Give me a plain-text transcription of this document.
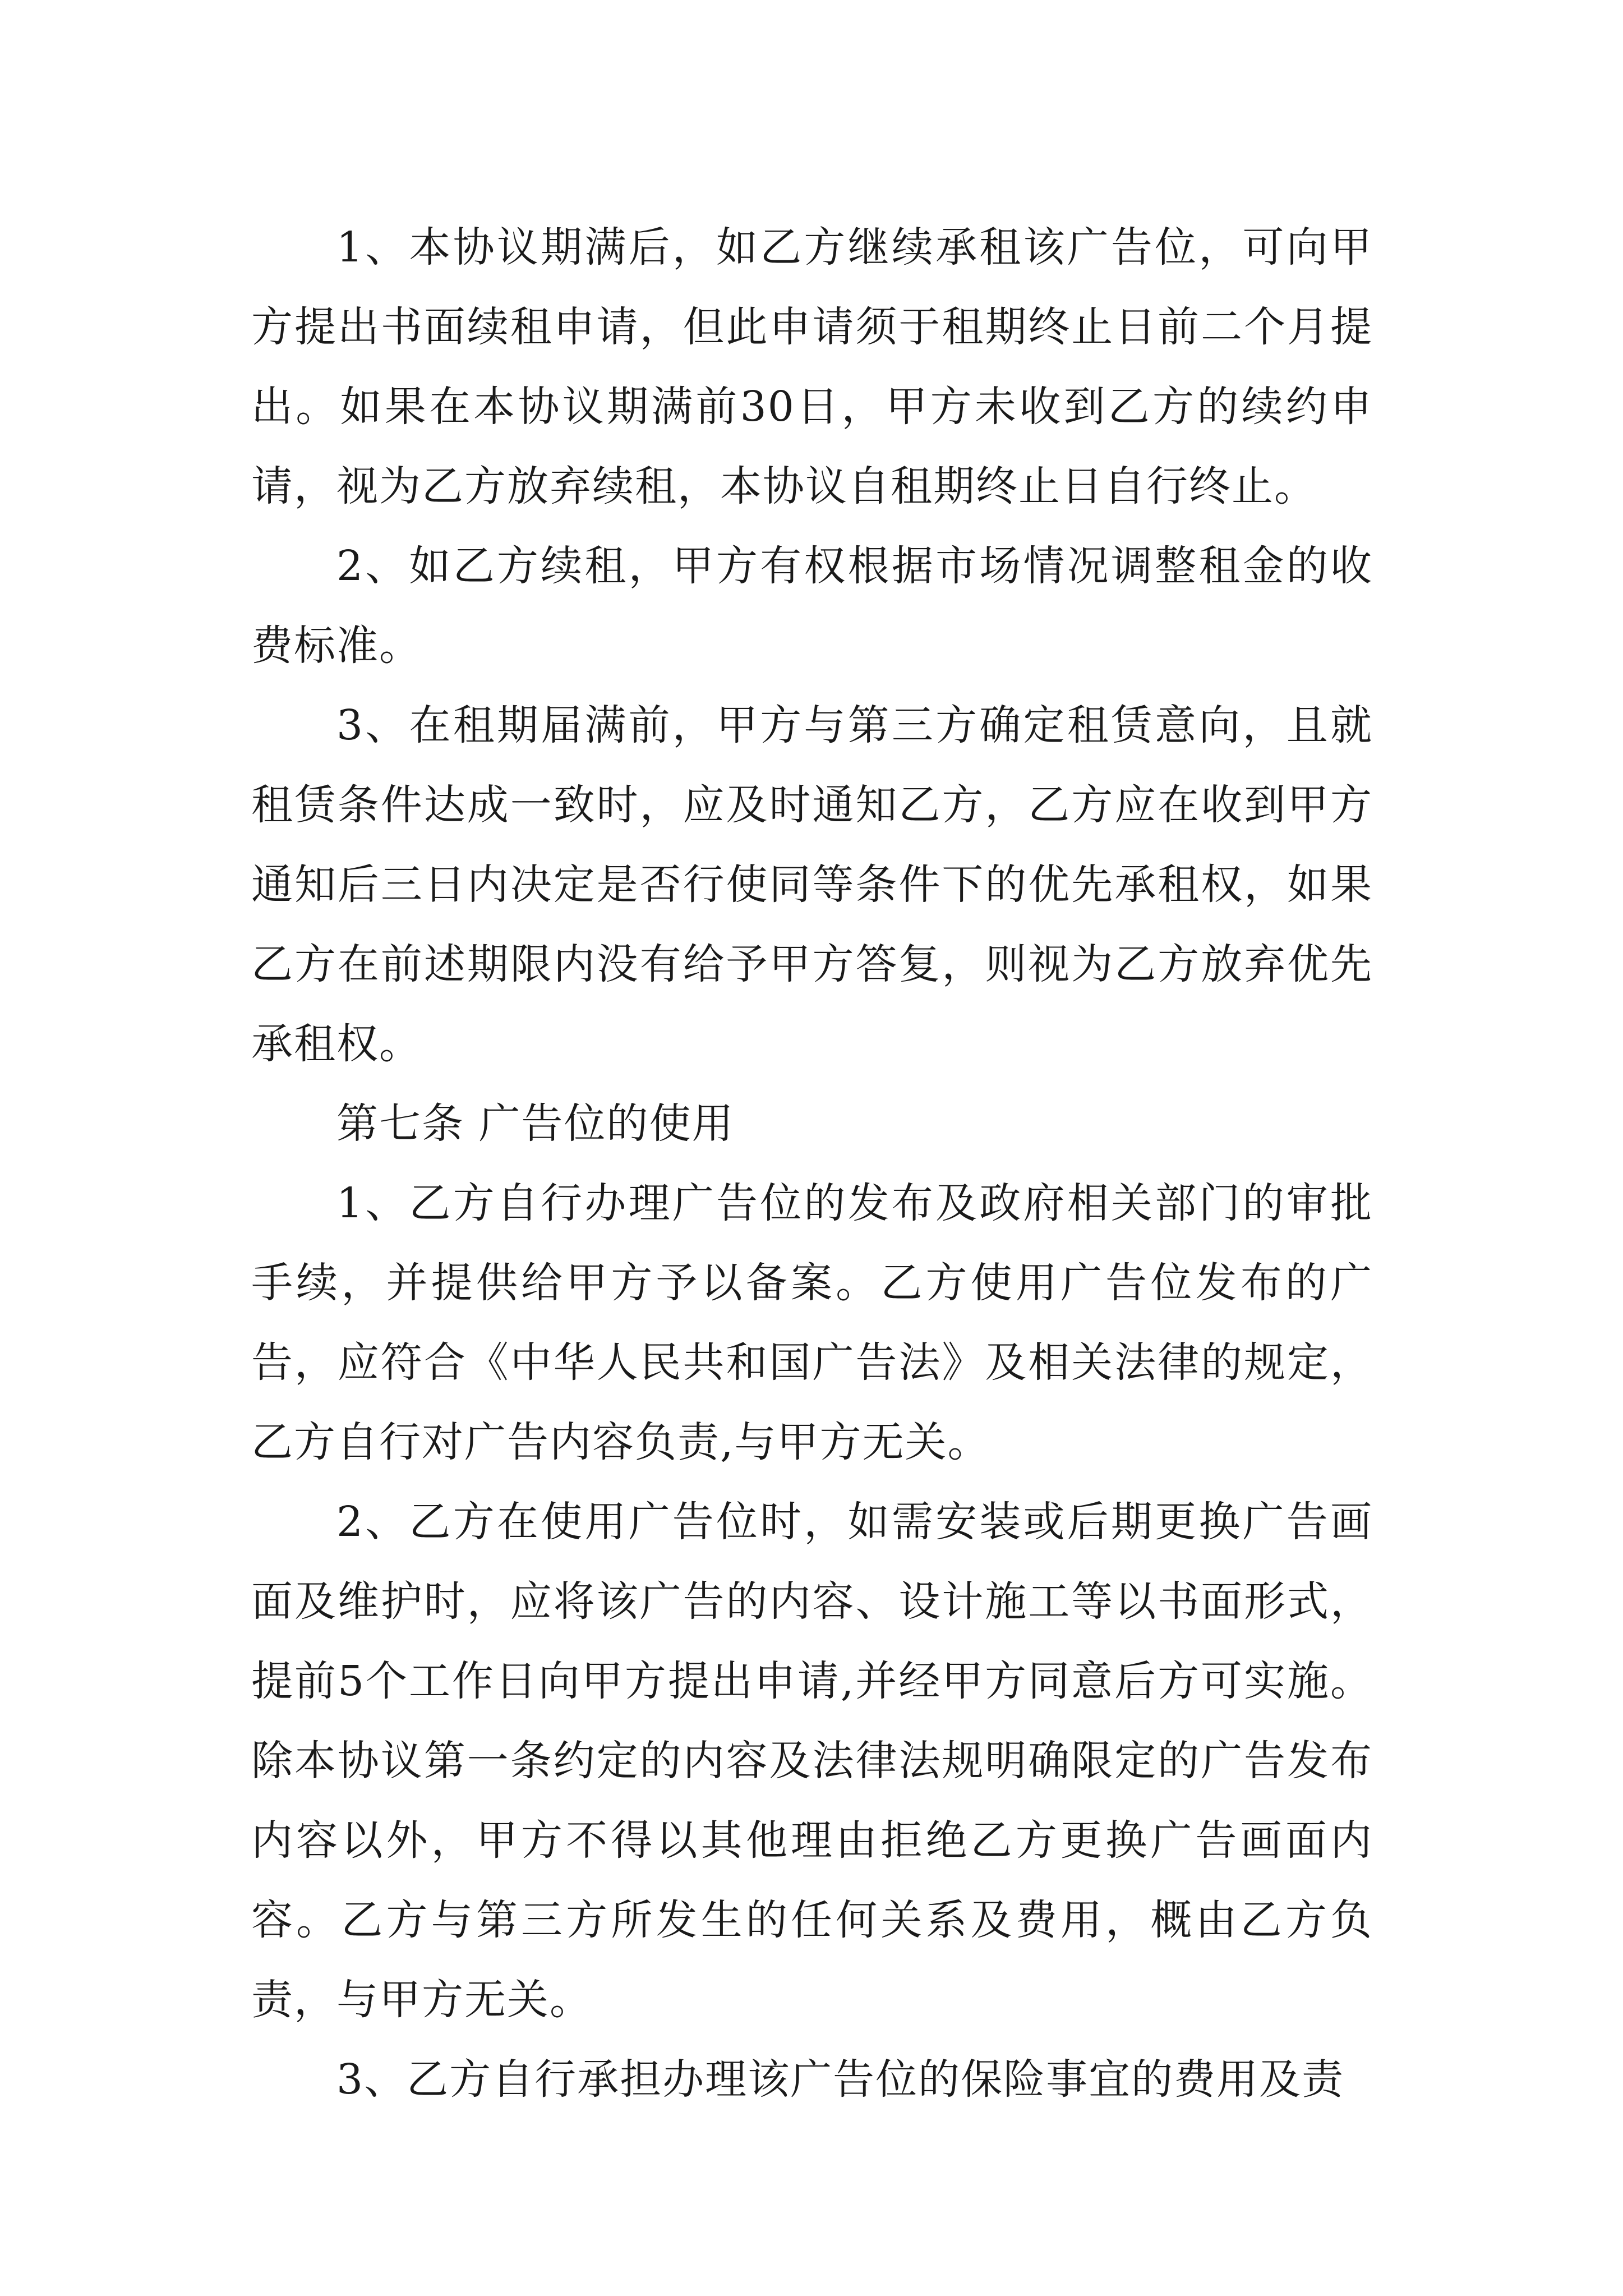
1、本协议期满后，如乙方继续承租该广告位，可向甲方提出书面续租申请，但此申请须于租期终止日前二个月提出。如果在本协议期满前30日，甲方未收到乙方的续约申请，视为乙方放弃续租，本协议自租期终止日自行终止。

2、如乙方续租，甲方有权根据市场情况调整租金的收费标准。

3、在租期届满前，甲方与第三方确定租赁意向，且就租赁条件达成一致时，应及时通知乙方，乙方应在收到甲方通知后三日内决定是否行使同等条件下的优先承租权，如果乙方在前述期限内没有给予甲方答复，则视为乙方放弃优先承租权。

第七条 广告位的使用

1、乙方自行办理广告位的发布及政府相关部门的审批手续，并提供给甲方予以备案。乙方使用广告位发布的广告，应符合《中华人民共和国广告法》及相关法律的规定，乙方自行对广告内容负责,与甲方无关。

2、乙方在使用广告位时，如需安装或后期更换广告画面及维护时，应将该广告的内容、设计施工等以书面形式，提前5个工作日向甲方提出申请,并经甲方同意后方可实施。除本协议第一条约定的内容及法律法规明确限定的广告发布内容以外，甲方不得以其他理由拒绝乙方更换广告画面内容。乙方与第三方所发生的任何关系及费用，概由乙方负责，与甲方无关。

3、乙方自行承担办理该广告位的保险事宜的费用及责
